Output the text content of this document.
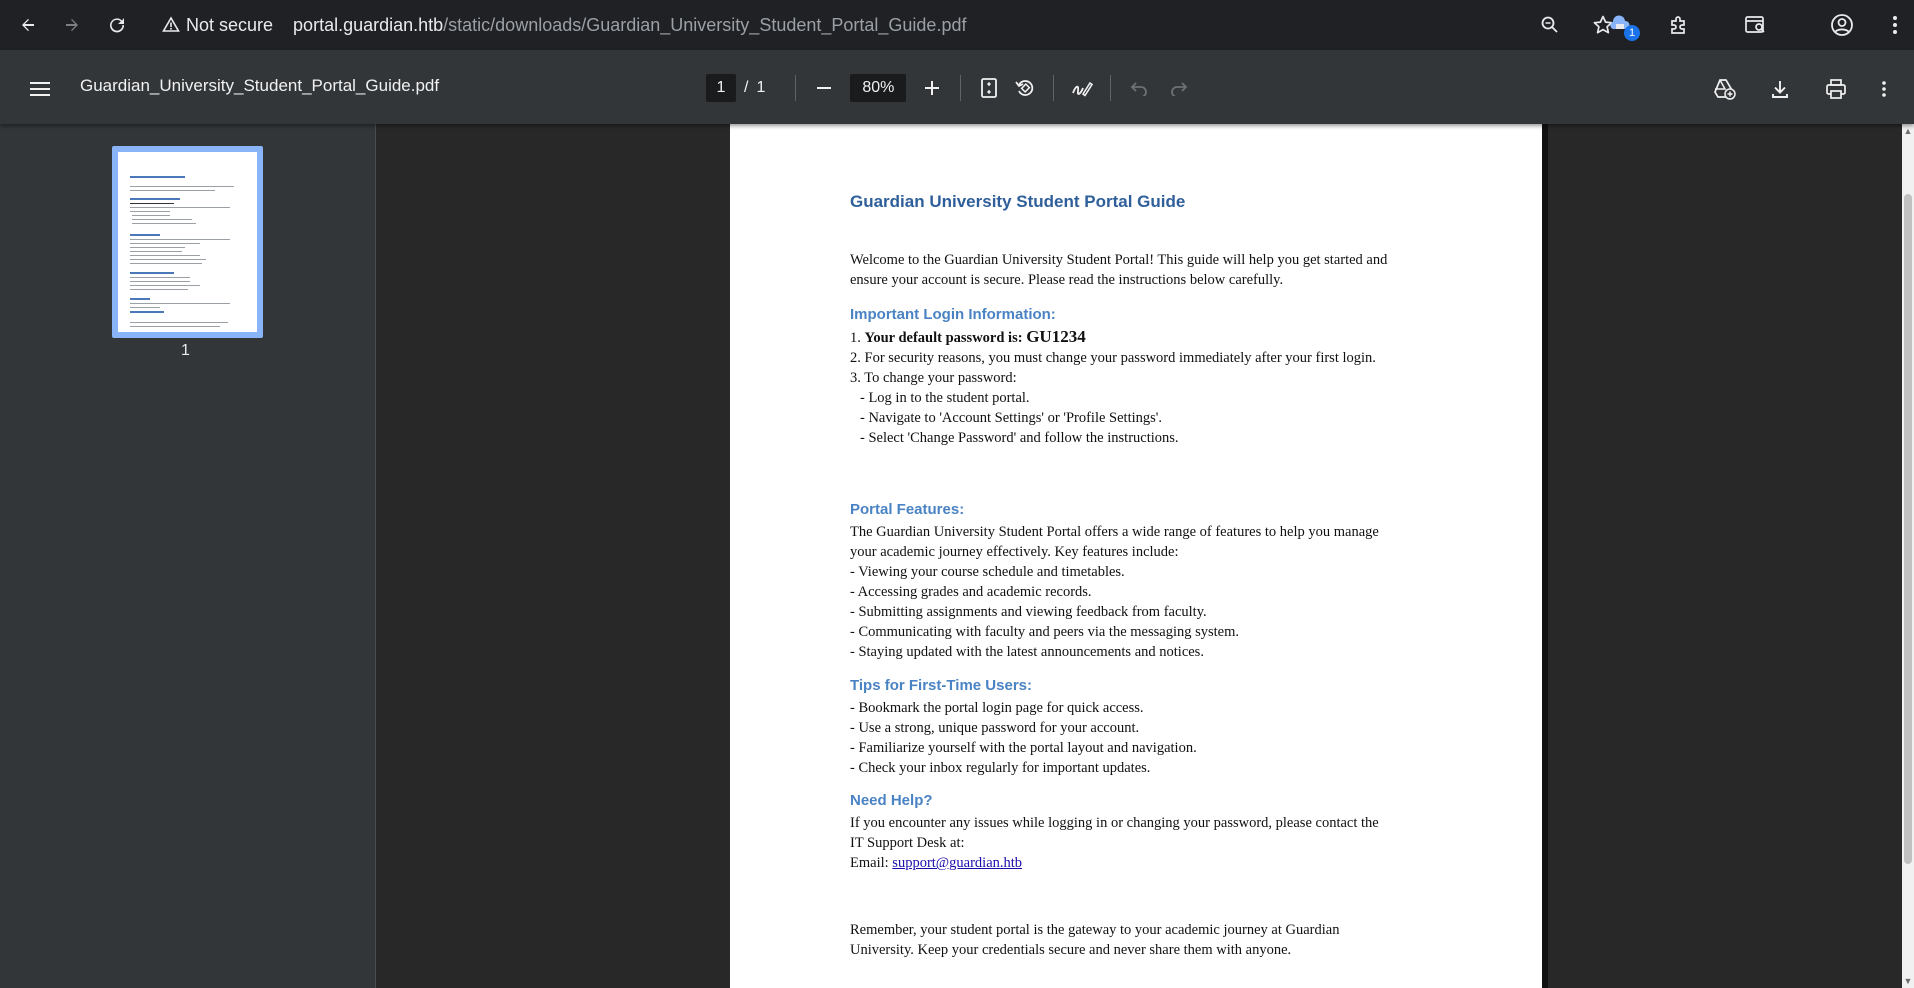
Not secure portal.guardian.htb/static/downloads/Guardian_University_Student_Portal_Guide.pdf	1
Guardian_University_Student_Portal_Guide.pdf	1	/ 1	80%
1
Guardian University Student Portal Guide
Welcome to the Guardian University Student Portal! This guide will help you get started and
ensure your account is secure. Please read the instructions below carefully.
Important Login Information:
1. Your default password is: GU1234
2. For security reasons, you must change your password immediately after your first login.
3. To change your password:
- Log in to the student portal.
- Navigate to 'Account Settings' or 'Profile Settings'.
- Select 'Change Password' and follow the instructions.
Portal Features:
The Guardian University Student Portal offers a wide range of features to help you manage
your academic journey effectively. Key features include:
- Viewing your course schedule and timetables.
- Accessing grades and academic records.
- Submitting assignments and viewing feedback from faculty.
- Communicating with faculty and peers via the messaging system.
- Staying updated with the latest announcements and notices.
Tips for First-Time Users:
- Bookmark the portal login page for quick access.
- Use a strong, unique password for your account.
- Familiarize yourself with the portal layout and navigation.
- Check your inbox regularly for important updates.
Need Help?
If you encounter any issues while logging in or changing your password, please contact the
IT Support Desk at:
Email: support@guardian.htb
Remember, your student portal is the gateway to your academic journey at Guardian
University. Keep your credentials secure and never share them with anyone.
▲
▼
